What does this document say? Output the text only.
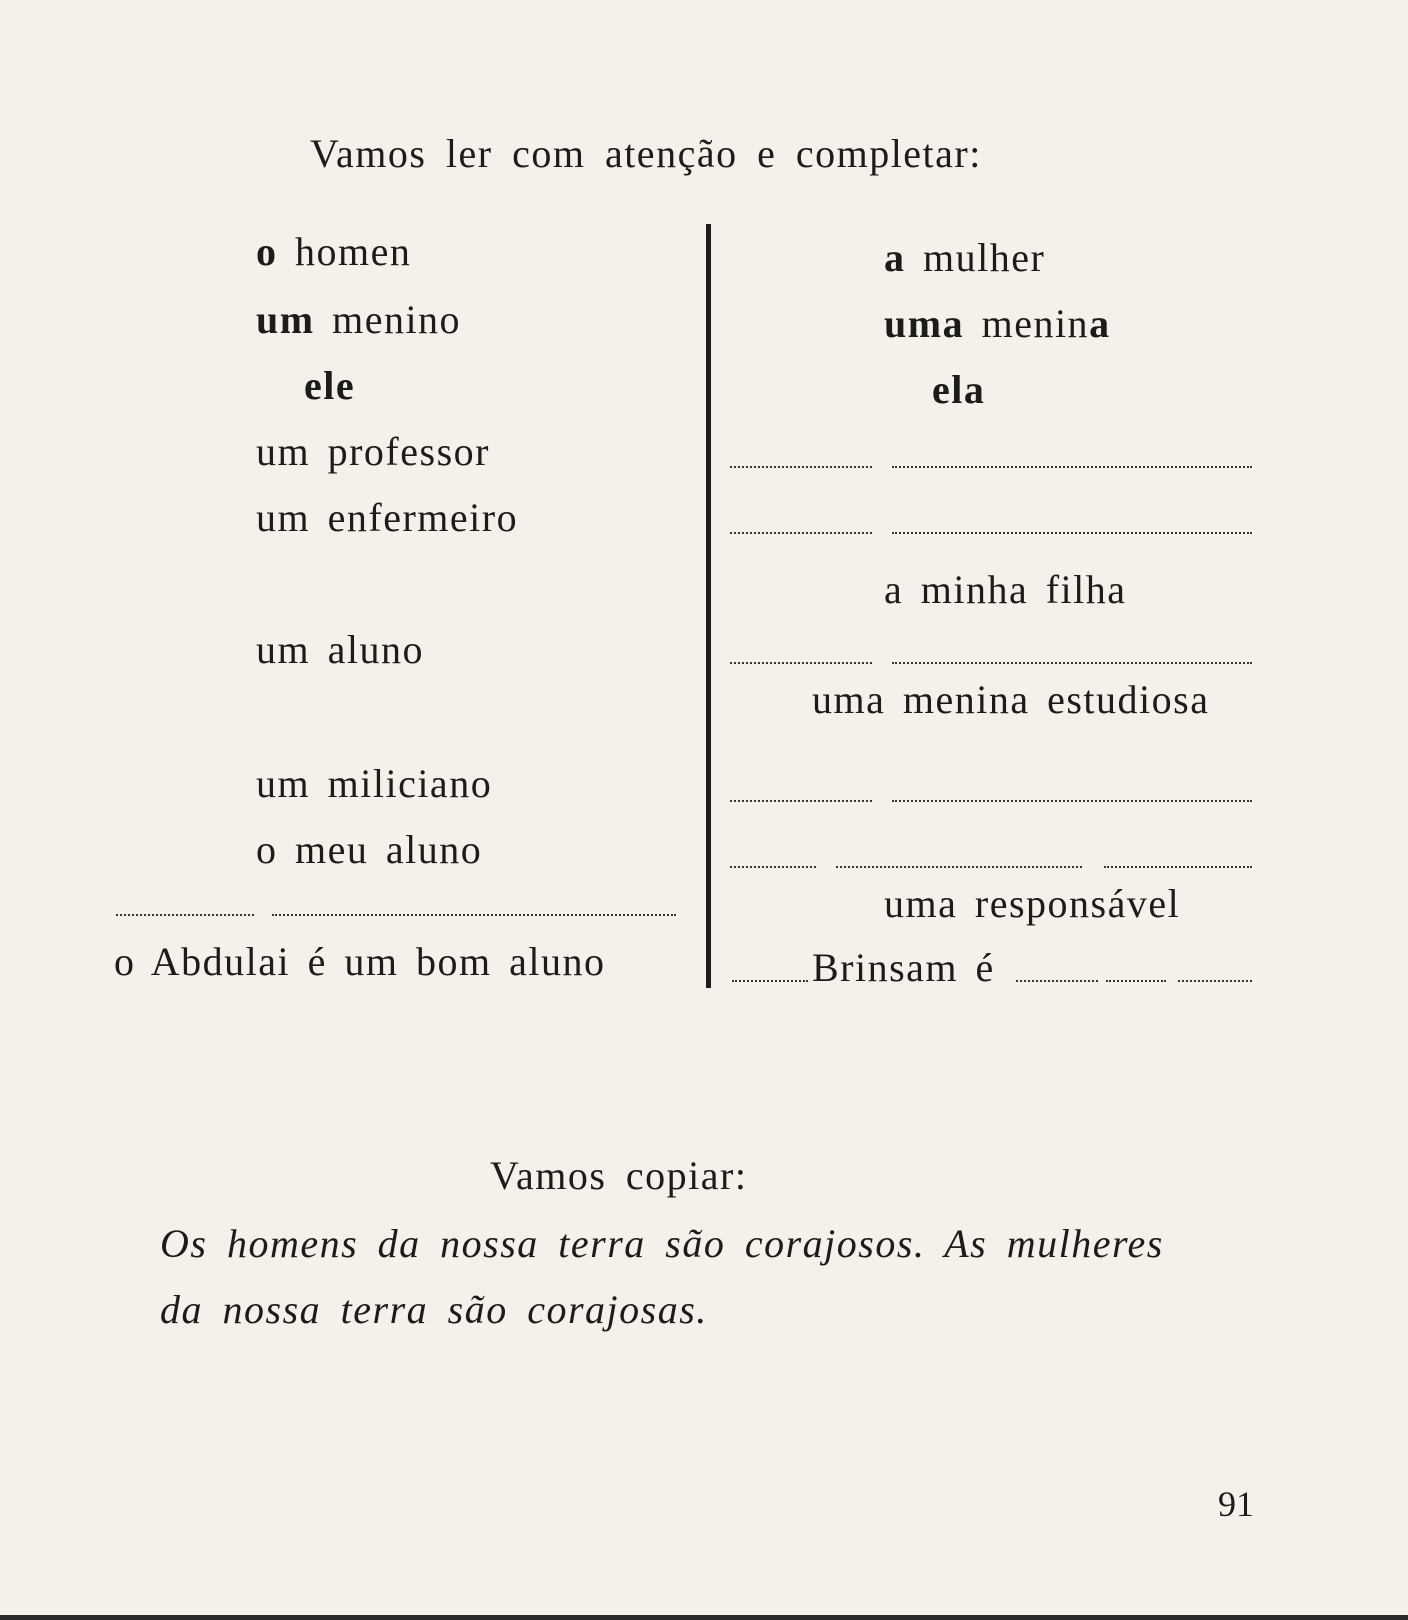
Vamos ler com atenção e completar:
o homen
um menino
ele
um professor
um enfermeiro
um aluno
um miliciano
o meu aluno
o Abdulai é um bom aluno
a mulher
uma menina
ela
a minha filha
uma menina estudiosa
uma responsável
Brinsam é
Vamos copiar:
Os homens da nossa terra são corajosos. As mulheres
da nossa terra são corajosas.
91
